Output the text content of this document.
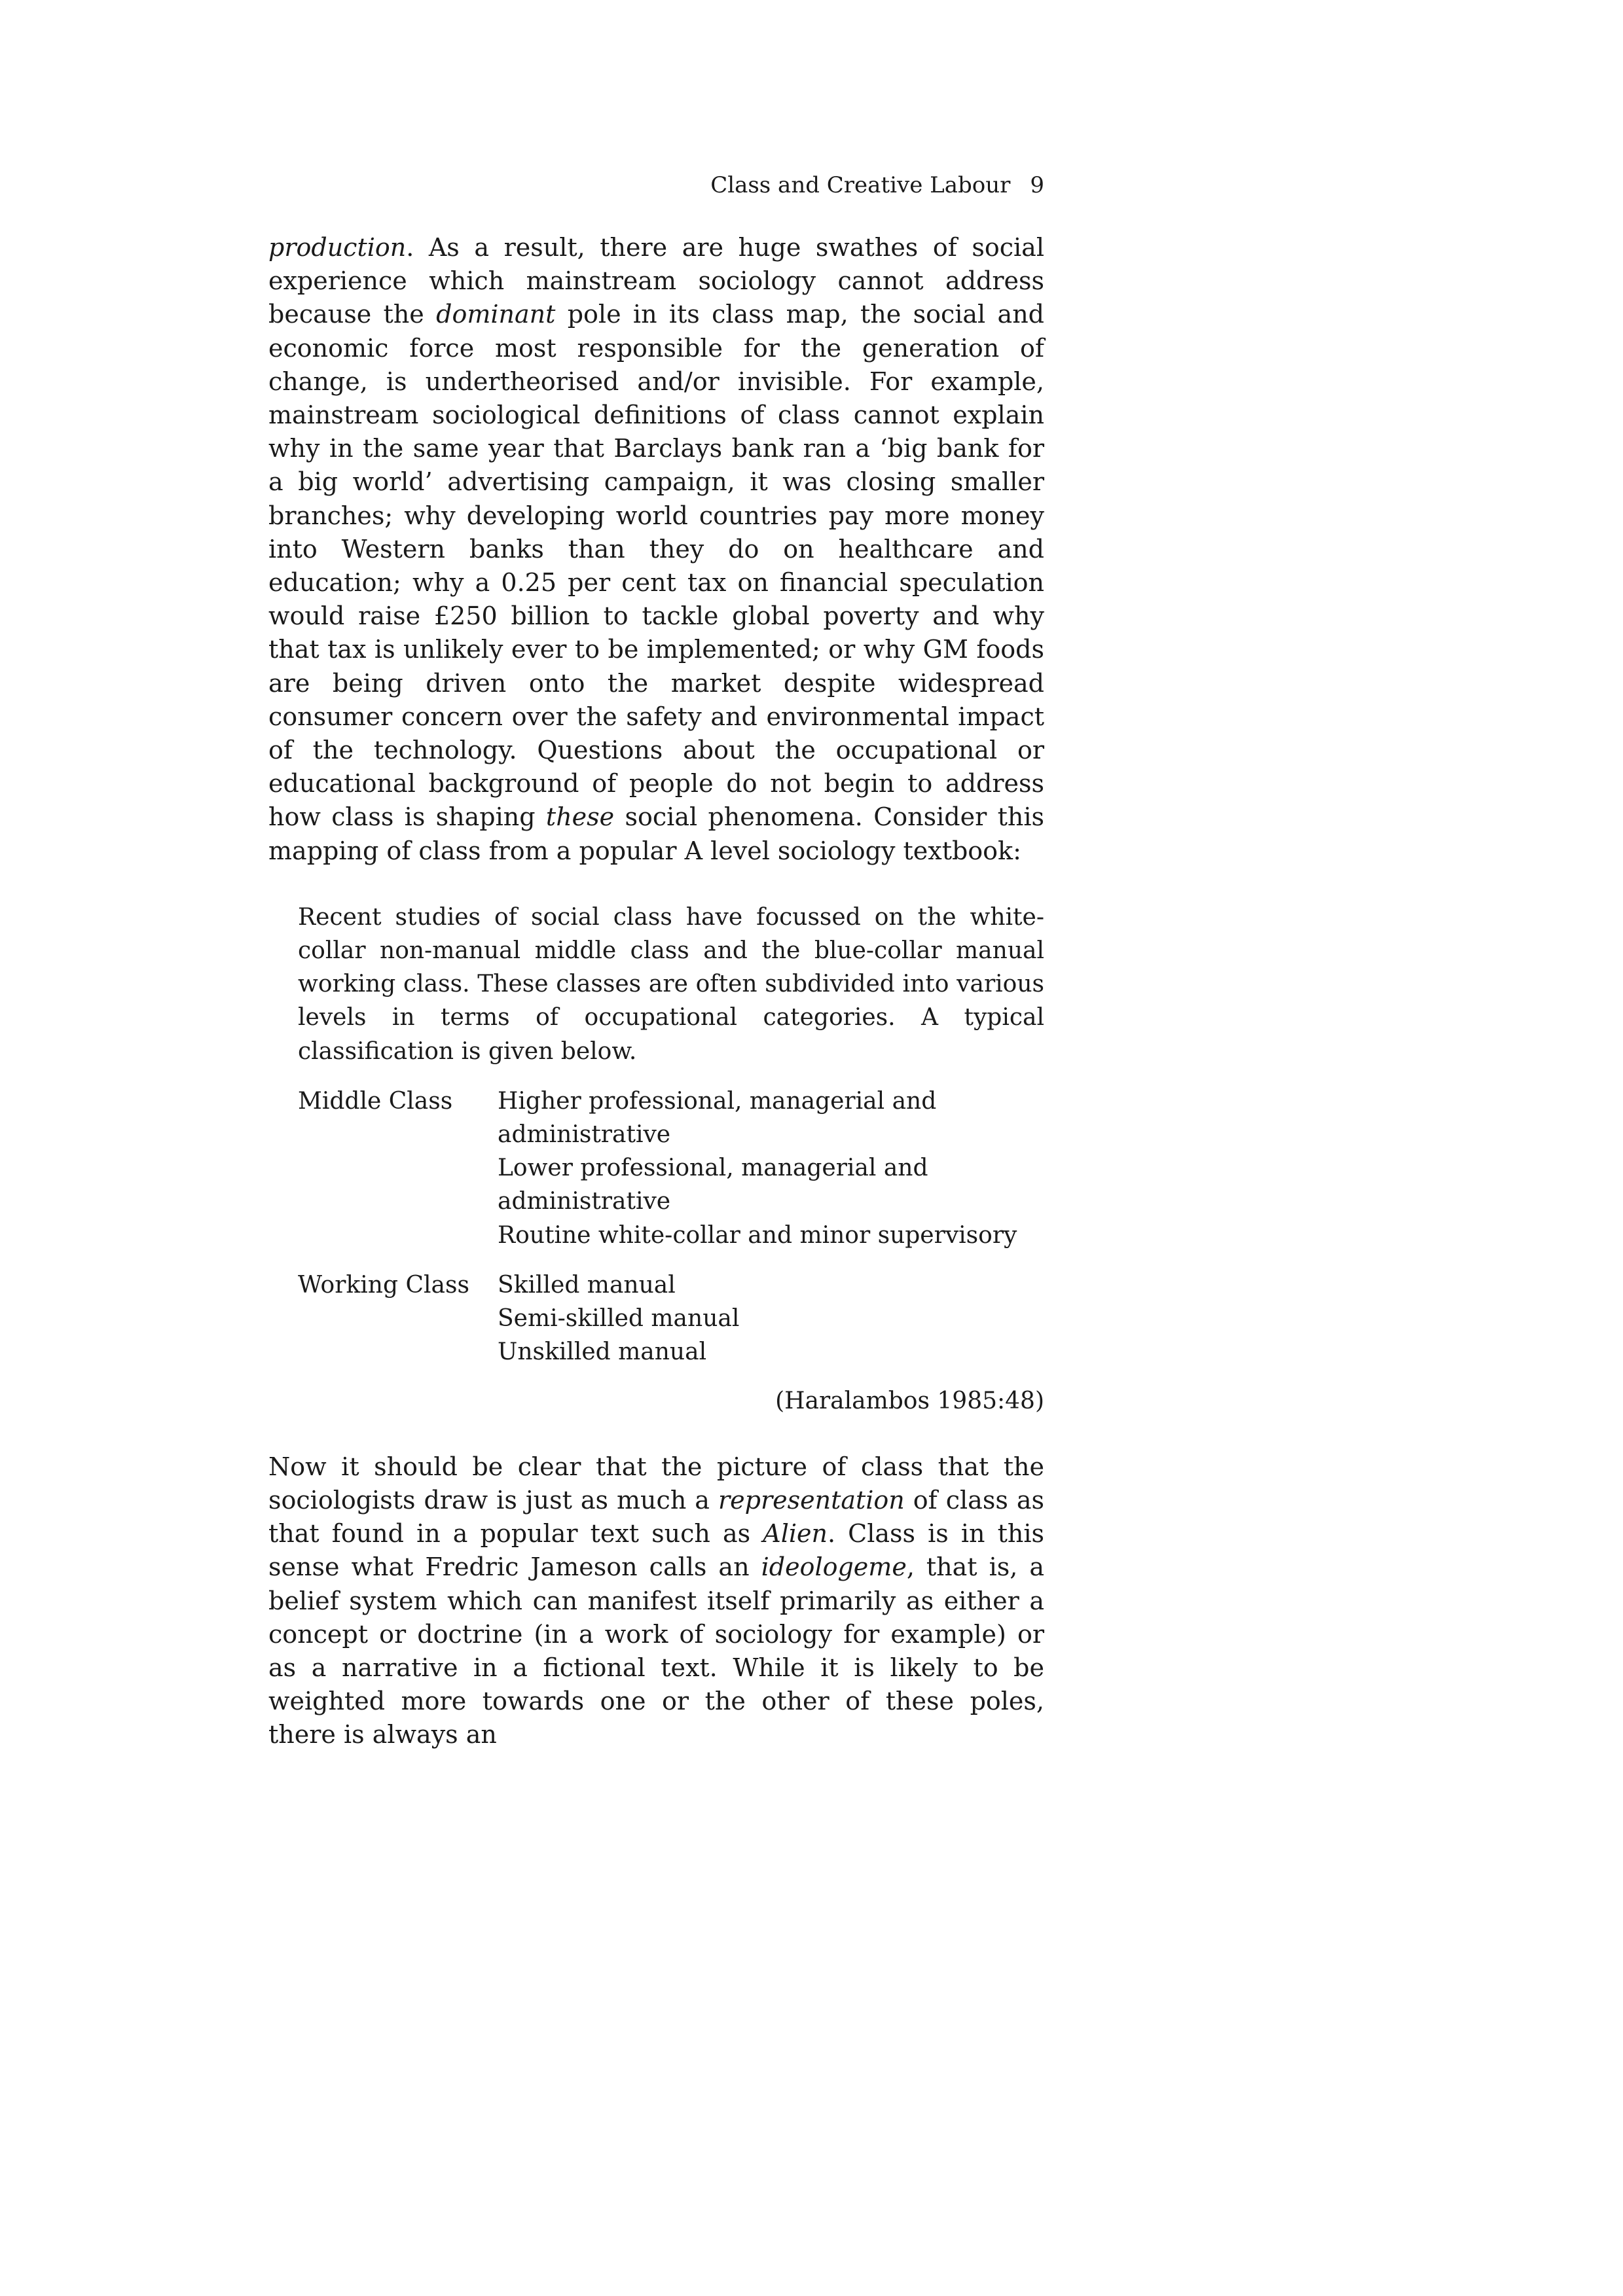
Class and Creative Labour 9

production. As a result, there are huge swathes of social experience which mainstream sociology cannot address because the dominant pole in its class map, the social and economic force most responsible for the generation of change, is undertheorised and/or invisible. For example, mainstream sociological definitions of class cannot explain why in the same year that Barclays bank ran a ‘big bank for a big world’ advertising campaign, it was closing smaller branches; why developing world countries pay more money into Western banks than they do on healthcare and education; why a 0.25 per cent tax on financial speculation would raise £250 billion to tackle global poverty and why that tax is unlikely ever to be implemented; or why GM foods are being driven onto the market despite widespread consumer concern over the safety and environmental impact of the technology. Questions about the occupational or educational background of people do not begin to address how class is shaping these social phenomena. Consider this mapping of class from a popular A level sociology textbook:

Recent studies of social class have focussed on the white-collar non-manual middle class and the blue-collar manual working class. These classes are often subdivided into various levels in terms of occupational categories. A typical classification is given below.

Middle Class	Higher professional, managerial and administrative
Lower professional, managerial and administrative
Routine white-collar and minor supervisory
Working Class	Skilled manual
Semi-skilled manual
Unskilled manual

(Haralambos 1985:48)

Now it should be clear that the picture of class that the sociologists draw is just as much a representation of class as that found in a popular text such as Alien. Class is in this sense what Fredric Jameson calls an ideologeme, that is, a belief system which can manifest itself primarily as either a concept or doctrine (in a work of sociology for example) or as a narrative in a fictional text. While it is likely to be weighted more towards one or the other of these poles, there is always an
